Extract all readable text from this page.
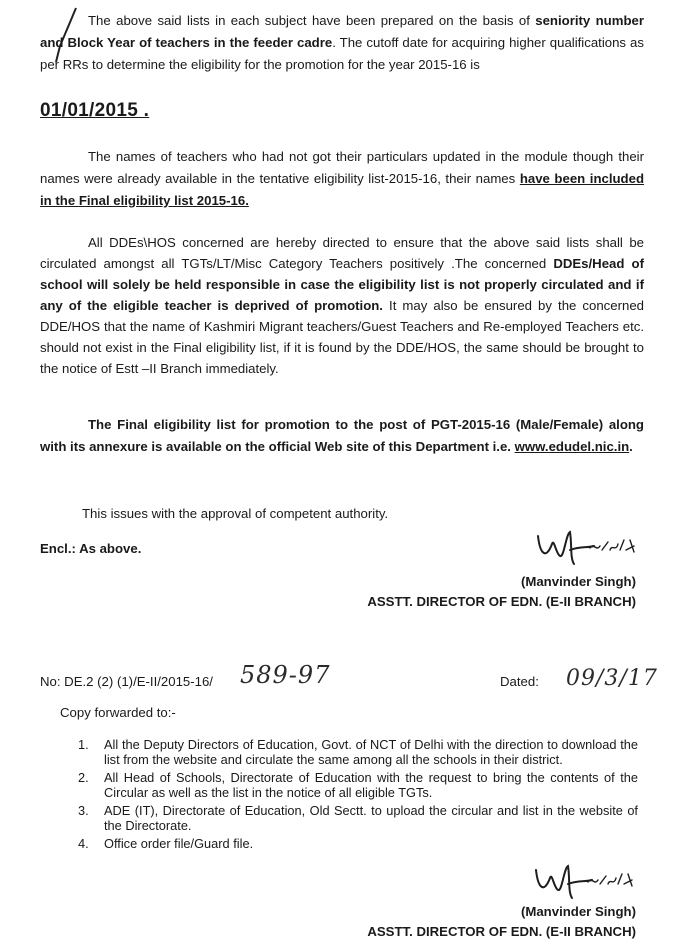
The above said lists in each subject have been prepared on the basis of seniority number and Block Year of teachers in the feeder cadre. The cutoff date for acquiring higher qualifications as per RRs to determine the eligibility for the promotion for the year 2015-16 is

01/01/2015 .

The names of teachers who had not got their particulars updated in the module though their names were already available in the tentative eligibility list-2015-16, their names have been included in the Final eligibility list 2015-16.

All DDEs\HOS concerned are hereby directed to ensure that the above said lists shall be circulated amongst all TGTs/LT/Misc Category Teachers positively .The concerned DDEs/Head of school will solely be held responsible in case the eligibility list is not properly circulated and if any of the eligible teacher is deprived of promotion. It may also be ensured by the concerned DDE/HOS that the name of Kashmiri Migrant teachers/Guest Teachers and Re-employed Teachers etc. should not exist in the Final eligibility list, if it is found by the DDE/HOS, the same should be brought to the notice of Estt –II Branch immediately.

The Final eligibility list for promotion to the post of PGT-2015-16 (Male/Female) along with its annexure is available on the official Web site of this Department i.e. www.edudel.nic.in.

This issues with the approval of competent authority.
Encl.: As above.
(Manvinder Singh)
ASSTT. DIRECTOR OF EDN. (E-II BRANCH)
No: DE.2 (2) (1)/E-II/2015-16/ 589-97	Dated: 09/3/17
Copy forwarded to:-
1. All the Deputy Directors of Education, Govt. of NCT of Delhi with the direction to download the list from the website and circulate the same among all the schools in their district.
2. All Head of Schools, Directorate of Education with the request to bring the contents of the Circular as well as the list in the notice of all eligible TGTs.
3. ADE (IT), Directorate of Education, Old Sectt. to upload the circular and list in the website of the Directorate.
4. Office order file/Guard file.
(Manvinder Singh)
ASSTT. DIRECTOR OF EDN. (E-II BRANCH)
